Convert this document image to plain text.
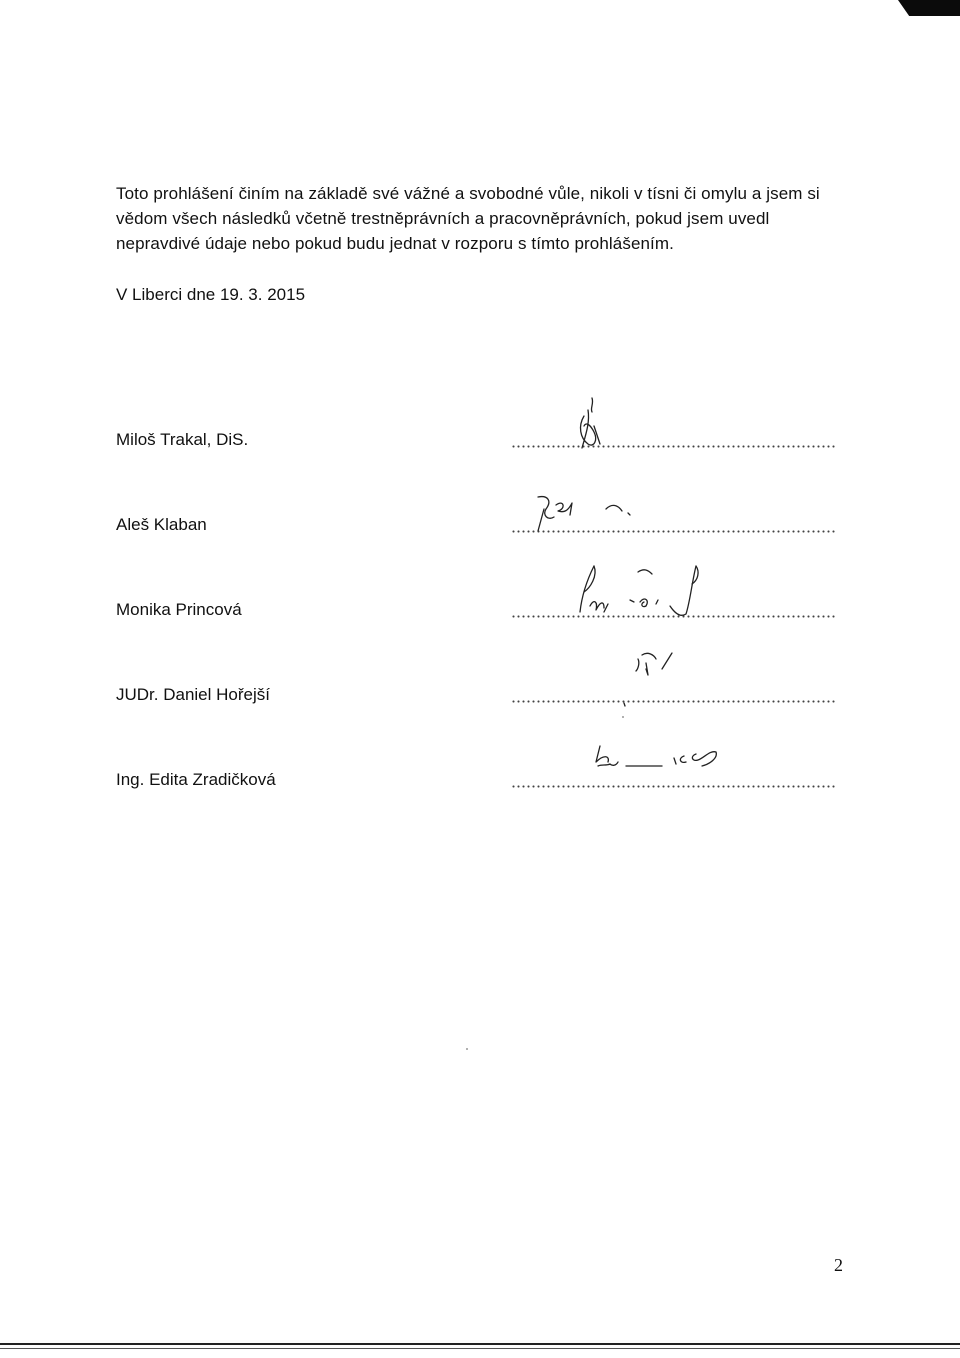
Toto prohlášení činím na základě své vážné a svobodné vůle, nikoli v tísni či omylu a jsem si
vědom všech následků včetně trestněprávních a pracovněprávních, pokud jsem uvedl
nepravdivé údaje nebo pokud budu jednat v rozporu s tímto prohlášením.
V Liberci dne 19. 3. 2015
Miloš Trakal, DiS.
Aleš Klaban
Monika Princová
JUDr. Daniel Hořejší
Ing. Edita Zradičková
2
